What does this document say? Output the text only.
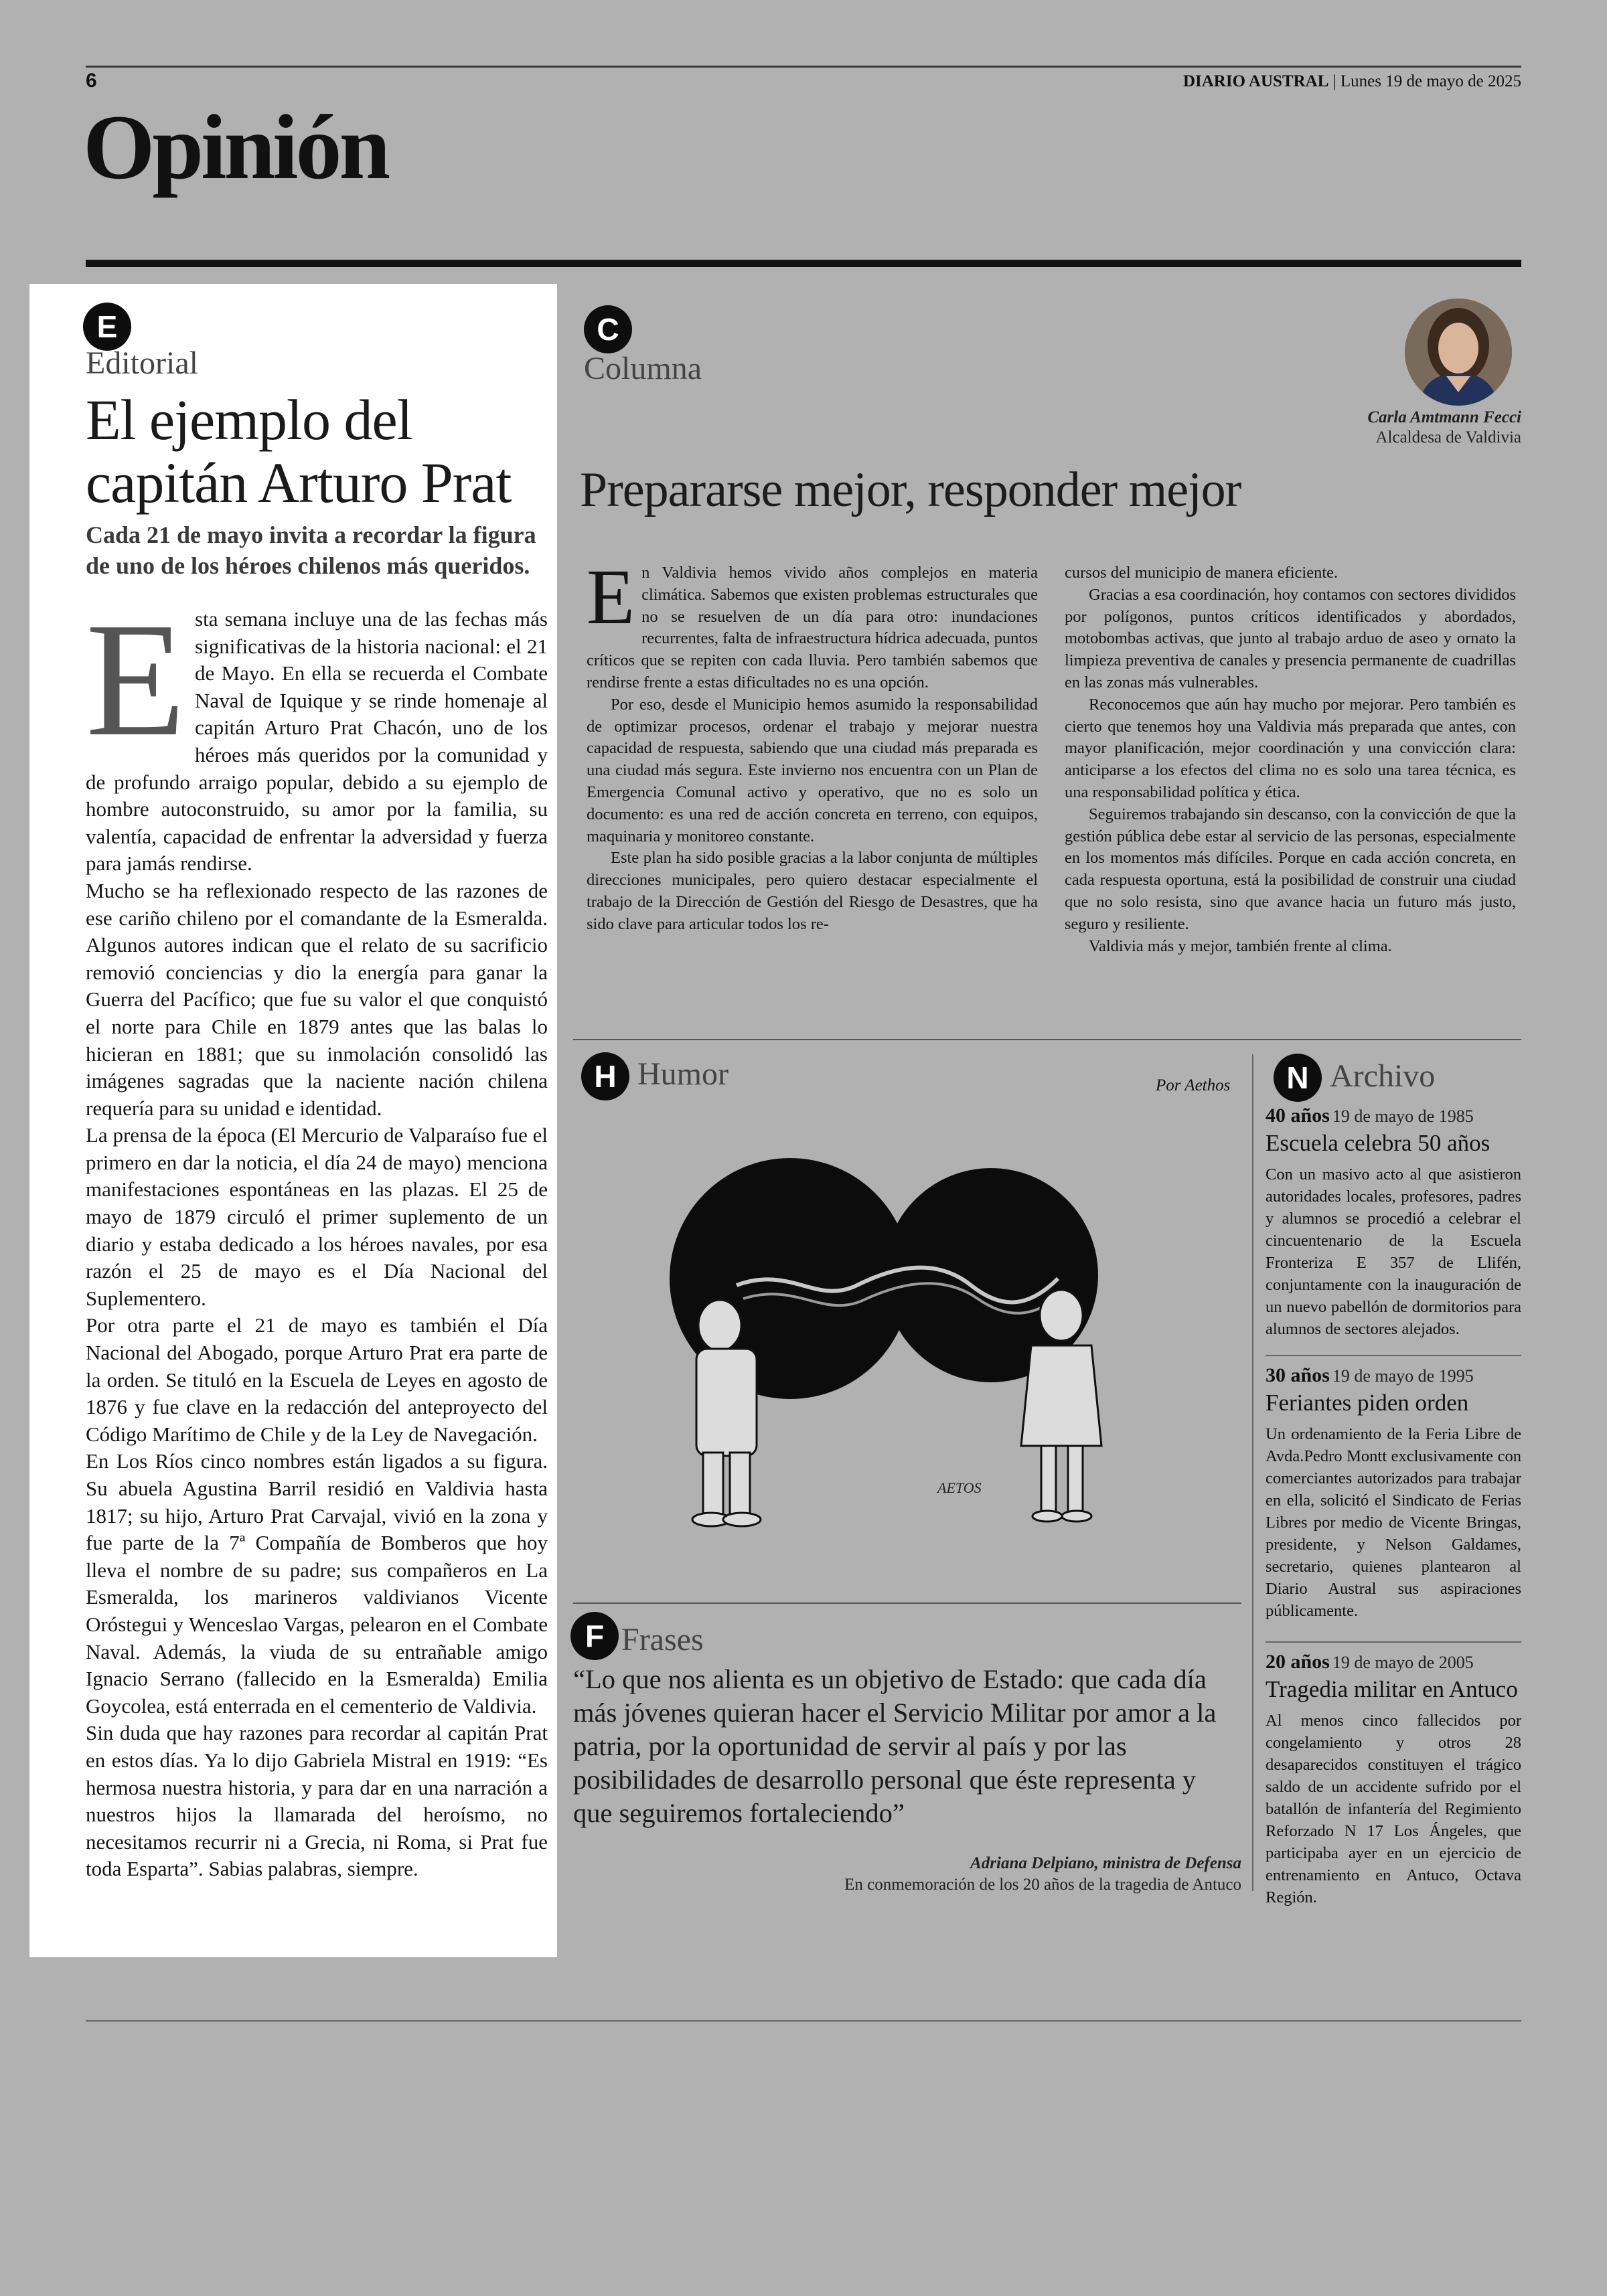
6	DIARIO AUSTRAL | Lunes 19 de mayo de 2025
Opinión
E
Editorial
El ejemplo del capitán Arturo Prat
Cada 21 de mayo invita a recordar la figura de uno de los héroes chilenos más queridos.
E sta semana incluye una de las fechas más significativas de la historia nacional: el 21 de Mayo. En ella se recuerda el Combate Naval de Iquique y se rinde homenaje al capitán Arturo Prat Chacón, uno de los héroes más queridos por la comunidad y de profundo arraigo popular, debido a su ejemplo de hombre autoconstruido, su amor por la familia, su valentía, capacidad de enfrentar la adversidad y fuerza para jamás rendirse.

Mucho se ha reflexionado respecto de las razones de ese cariño chileno por el comandante de la Esmeralda. Algunos autores indican que el relato de su sacrificio removió conciencias y dio la energía para ganar la Guerra del Pacífico; que fue su valor el que conquistó el norte para Chile en 1879 antes que las balas lo hicieran en 1881; que su inmolación consolidó las imágenes sagradas que la naciente nación chilena requería para su unidad e identidad.

La prensa de la época (El Mercurio de Valparaíso fue el primero en dar la noticia, el día 24 de mayo) menciona manifestaciones espontáneas en las plazas. El 25 de mayo de 1879 circuló el primer suplemento de un diario y estaba dedicado a los héroes navales, por esa razón el 25 de mayo es el Día Nacional del Suplementero.

Por otra parte el 21 de mayo es también el Día Nacional del Abogado, porque Arturo Prat era parte de la orden. Se tituló en la Escuela de Leyes en agosto de 1876 y fue clave en la redacción del anteproyecto del Código Marítimo de Chile y de la Ley de Navegación.

En Los Ríos cinco nombres están ligados a su figura. Su abuela Agustina Barril residió en Valdivia hasta 1817; su hijo, Arturo Prat Carvajal, vivió en la zona y fue parte de la 7ª Compañía de Bomberos que hoy lleva el nombre de su padre; sus compañeros en La Esmeralda, los marineros valdivianos Vicente Oróstegui y Wenceslao Vargas, pelearon en el Combate Naval. Además, la viuda de su entrañable amigo Ignacio Serrano (fallecido en la Esmeralda) Emilia Goycolea, está enterrada en el cementerio de Valdivia.

Sin duda que hay razones para recordar al capitán Prat en estos días. Ya lo dijo Gabriela Mistral en 1919: “Es hermosa nuestra historia, y para dar en una narración a nuestros hijos la llamarada del heroísmo, no necesitamos recurrir ni a Grecia, ni Roma, si Prat fue toda Esparta”. Sabias palabras, siempre.

C
Columna
Carla Amtmann Fecci
Alcaldesa de Valdivia
Prepararse mejor, responder mejor
E n Valdivia hemos vivido años complejos en materia climática. Sabemos que existen problemas estructurales que no se resuelven de un día para otro: inundaciones recurrentes, falta de infraestructura hídrica adecuada, puntos críticos que se repiten con cada lluvia. Pero también sabemos que rendirse frente a estas dificultades no es una opción.

Por eso, desde el Municipio hemos asumido la responsabilidad de optimizar procesos, ordenar el trabajo y mejorar nuestra capacidad de respuesta, sabiendo que una ciudad más preparada es una ciudad más segura. Este invierno nos encuentra con un Plan de Emergencia Comunal activo y operativo, que no es solo un documento: es una red de acción concreta en terreno, con equipos, maquinaria y monitoreo constante.

Este plan ha sido posible gracias a la labor conjunta de múltiples direcciones municipales, pero quiero destacar especialmente el trabajo de la Dirección de Gestión del Riesgo de Desastres, que ha sido clave para articular todos los re-

cursos del municipio de manera eficiente.

Gracias a esa coordinación, hoy contamos con sectores divididos por polígonos, puntos críticos identificados y abordados, motobombas activas, que junto al trabajo arduo de aseo y ornato la limpieza preventiva de canales y presencia permanente de cuadrillas en las zonas más vulnerables.

Reconocemos que aún hay mucho por mejorar. Pero también es cierto que tenemos hoy una Valdivia más preparada que antes, con mayor planificación, mejor coordinación y una convicción clara: anticiparse a los efectos del clima no es solo una tarea técnica, es una responsabilidad política y ética.

Seguiremos trabajando sin descanso, con la convicción de que la gestión pública debe estar al servicio de las personas, especialmente en los momentos más difíciles. Porque en cada acción concreta, en cada respuesta oportuna, está la posibilidad de construir una ciudad que no solo resista, sino que avance hacia un futuro más justo, seguro y resiliente.

Valdivia más y mejor, también frente al clima.

H Humor	Por Aethos
AETOS
F Frases
“Lo que nos alienta es un objetivo de Estado: que cada día más jóvenes quieran hacer el Servicio Militar por amor a la patria, por la oportunidad de servir al país y por las posibilidades de desarrollo personal que éste representa y que seguiremos fortaleciendo”
Adriana Delpiano, ministra de Defensa
En conmemoración de los 20 años de la tragedia de Antuco
N Archivo
40 años 19 de mayo de 1985
Escuela celebra 50 años
Con un masivo acto al que asistieron autoridades locales, profesores, padres y alumnos se procedió a celebrar el cincuentenario de la Escuela Fronteriza E 357 de Llifén, conjuntamente con la inauguración de un nuevo pabellón de dormitorios para alumnos de sectores alejados.
30 años 19 de mayo de 1995
Feriantes piden orden
Un ordenamiento de la Feria Libre de Avda.Pedro Montt exclusivamente con comerciantes autorizados para trabajar en ella, solicitó el Sindicato de Ferias Libres por medio de Vicente Bringas, presidente, y Nelson Galdames, secretario, quienes plantearon al Diario Austral sus aspiraciones públicamente.
20 años 19 de mayo de 2005
Tragedia militar en Antuco
Al menos cinco fallecidos por congelamiento y otros 28 desaparecidos constituyen el trágico saldo de un accidente sufrido por el batallón de infantería del Regimiento Reforzado N 17 Los Ángeles, que participaba ayer en un ejercicio de entrenamiento en Antuco, Octava Región.
